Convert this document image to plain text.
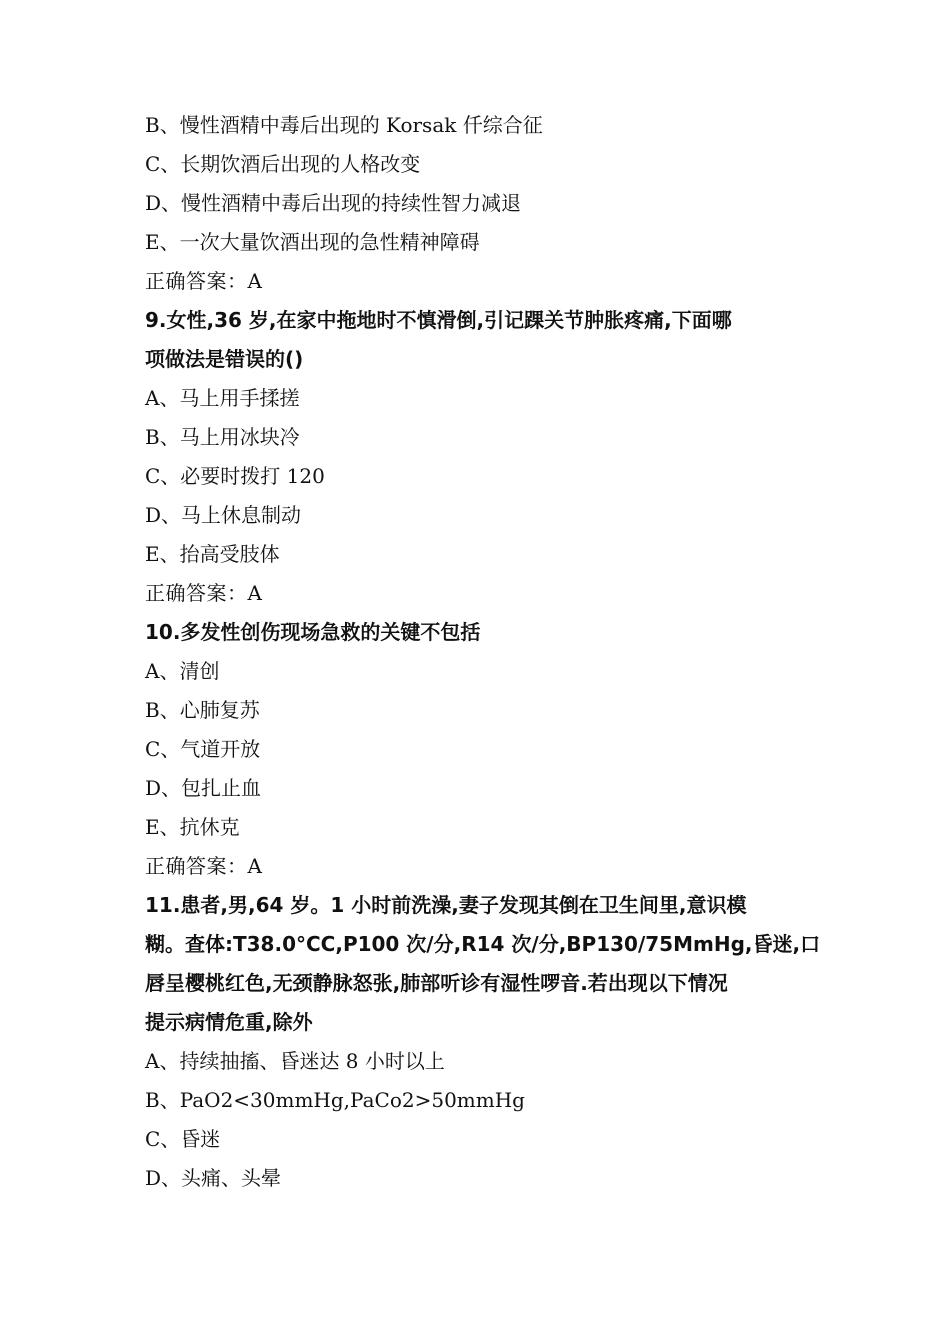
B、慢性酒精中毒后出现的 Korsak 仟综合征
C、长期饮酒后出现的人格改变
D、慢性酒精中毒后出现的持续性智力减退
E、一次大量饮酒出现的急性精神障碍
正确答案：A
9.女性,36 岁,在家中拖地时不慎滑倒,引记踝关节肿胀疼痛,下面哪
项做法是错误的()
A、马上用手揉搓
B、马上用冰块冷
C、必要时拨打 120
D、马上休息制动
E、抬高受肢体
正确答案：A
10.多发性创伤现场急救的关键不包括
A、清创
B、心肺复苏
C、气道开放
D、包扎止血
E、抗休克
正确答案：A
11.患者,男,64 岁。1 小时前洗澡,妻子发现其倒在卫生间里,意识模
糊。查体:T38.0°CC,P100 次/分,R14 次/分,BP130/75MmHg,昏迷,口
唇呈樱桃红色,无颈静脉怒张,肺部听诊有湿性啰音.若出现以下情况
提示病情危重,除外
A、持续抽搐、昏迷达 8 小时以上
B、PaO2<30mmHg,PaCo2>50mmHg
C、昏迷
D、头痛、头晕
